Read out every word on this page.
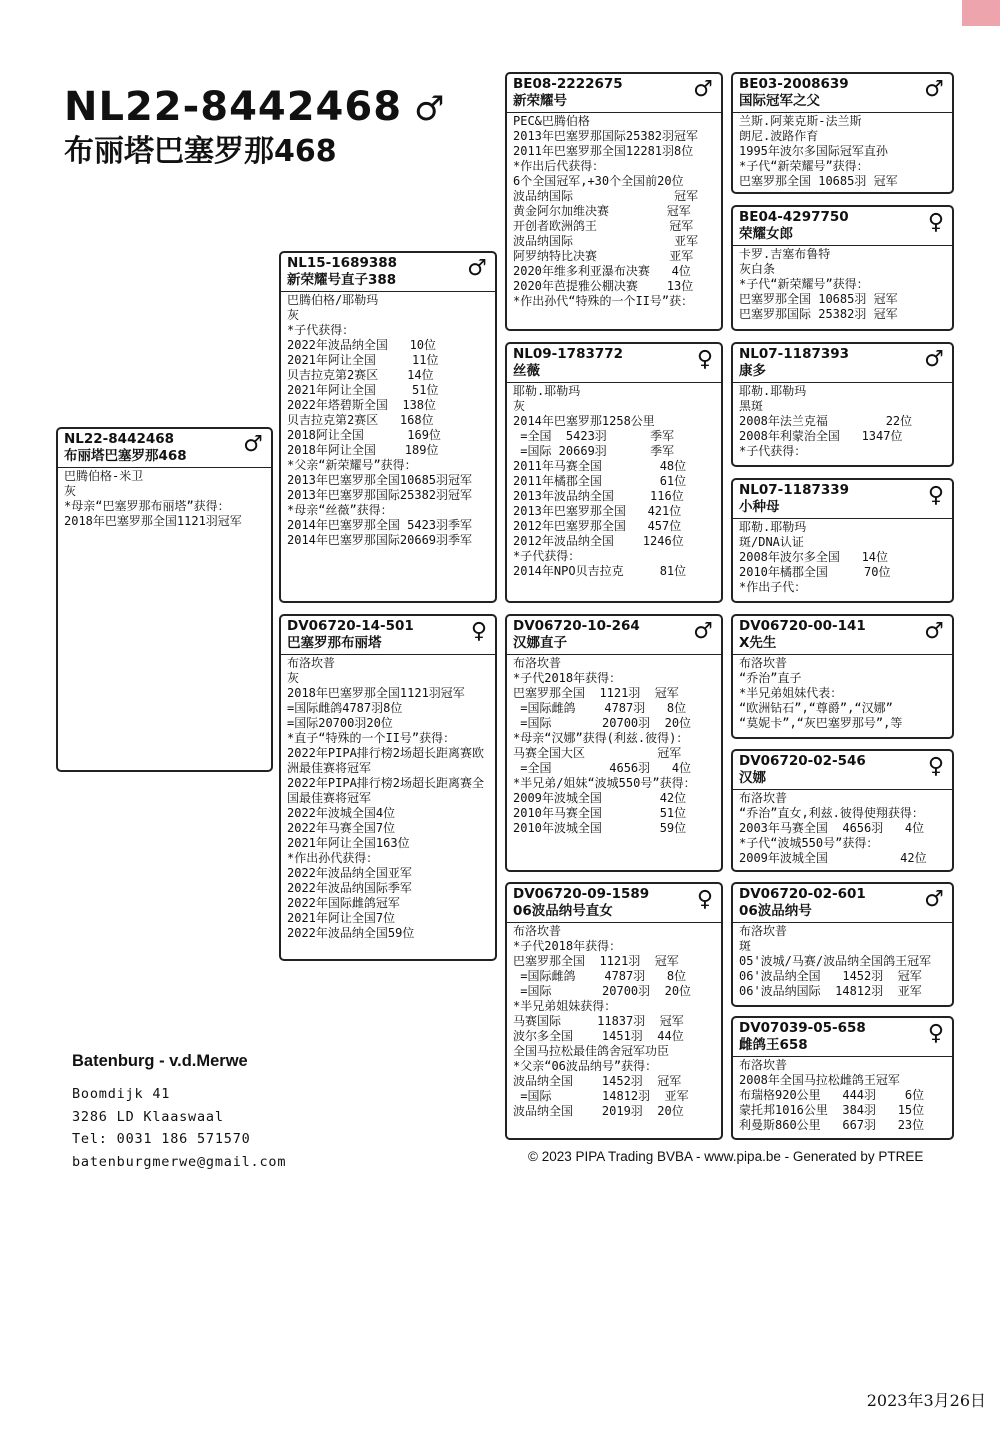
NL22-8442468 ♂
布丽塔巴塞罗那468
NL22-8442468
布丽塔巴塞罗那468	♂
巴腾伯格-米卫
灰
*母亲“巴塞罗那布丽塔”获得：
2018年巴塞罗那全国1121羽冠军
NL15-1689388
新荣耀号直子388	♂
巴腾伯格/耶勒玛
灰
*子代获得：
2022年波品纳全国   10位
2021年阿让全国     11位
贝吉拉克第2赛区    14位
2021年阿让全国     51位
2022年塔碧斯全国  138位
贝吉拉克第2赛区   168位
2018阿让全国      169位
2018年阿让全国    189位
*父亲“新荣耀号”获得：
2013年巴塞罗那全国10685羽冠军
2013年巴塞罗那国际25382羽冠军
*母亲“丝薇”获得：
2014年巴塞罗那全国 5423羽季军
2014年巴塞罗那国际20669羽季军
DV06720-14-501
巴塞罗那布丽塔	♀
布洛坎普
灰
2018年巴塞罗那全国1121羽冠军
=国际雌鸽4787羽8位
=国际20700羽20位
*直子“特殊的一个II号”获得：
2022年PIPA排行榜2场超长距离赛欧
洲最佳赛将冠军
2022年PIPA排行榜2场超长距离赛全
国最佳赛将冠军
2022年波城全国4位
2022年马赛全国7位
2021年阿让全国163位
*作出孙代获得：
2022年波品纳全国亚军
2022年波品纳国际季军
2022年国际雌鸽冠军
2021年阿让全国7位
2022年波品纳全国59位
BE08-2222675
新荣耀号	♂
PEC&巴腾伯格
2013年巴塞罗那国际25382羽冠军
2011年巴塞罗那全国12281羽8位
*作出后代获得：
6个全国冠军,+30个全国前20位
波品纳国际              冠军
黄金阿尔加维决赛        冠军
开创者欧洲鸽王          冠军
波品纳国际              亚军
阿罗纳特比决赛          亚军
2020年维多利亚瀑布决赛   4位
2020年芭提雅公棚决赛    13位
*作出孙代“特殊的一个II号”获：
NL09-1783772
丝薇	♀
耶勒.耶勒玛
灰
2014年巴塞罗那1258公里
=全国  5423羽      季军
=国际 20669羽      季军
2011年马赛全国        48位
2011年橘郡全国        61位
2013年波品纳全国     116位
2013年巴塞罗那全国   421位
2012年巴塞罗那全国   457位
2012年波品纳全国    1246位
*子代获得：
2014年NPO贝吉拉克     81位
DV06720-10-264
汉娜直子	♂
布洛坎普
*子代2018年获得：
巴塞罗那全国  1121羽  冠军
=国际雌鸽    4787羽   8位
=国际       20700羽  20位
*母亲“汉娜”获得(利兹.彼得)：
马赛全国大区          冠军
=全国        4656羽   4位
*半兄弟/姐妹“波城550号”获得：
2009年波城全国        42位
2010年马赛全国        51位
2010年波城全国        59位
DV06720-09-1589
06波品纳号直女	♀
布洛坎普
*子代2018年获得：
巴塞罗那全国  1121羽  冠军
=国际雌鸽    4787羽   8位
=国际       20700羽  20位
*半兄弟姐妹获得：
马赛国际     11837羽  冠军
波尔多全国    1451羽  44位
全国马拉松最佳鸽舍冠军功臣
*父亲“06波品纳号”获得：
波品纳全国    1452羽  冠军
=国际       14812羽  亚军
波品纳全国    2019羽  20位
BE03-2008639
国际冠军之父	♂
兰斯.阿莱克斯-法兰斯
朗尼.波路作育
1995年波尔多国际冠军直孙
*子代“新荣耀号”获得：
巴塞罗那全国 10685羽 冠军
BE04-4297750
荣耀女郎	♀
卡罗.吉塞布鲁特
灰白条
*子代“新荣耀号”获得：
巴塞罗那全国 10685羽 冠军
巴塞罗那国际 25382羽 冠军
NL07-1187393
康多	♂
耶勒.耶勒玛
黑斑
2008年法兰克福        22位
2008年利蒙治全国   1347位
*子代获得：
NL07-1187339
小种母	♀
耶勒.耶勒玛
斑/DNA认证
2008年波尔多全国   14位
2010年橘郡全国     70位
*作出子代：
DV06720-00-141
X先生	♂
布洛坎普
“乔治”直子
*半兄弟姐妹代表：
“欧洲钻石”,“尊爵”,“汉娜”
“莫妮卡”,“灰巴塞罗那号”,等
DV06720-02-546
汉娜	♀
布洛坎普
“乔治”直女,利兹.彼得使翔获得：
2003年马赛全国  4656羽   4位
*子代“波城550号”获得：
2009年波城全国          42位
DV06720-02-601
06波品纳号	♂
布洛坎普
斑
05'波城/马赛/波品纳全国鸽王冠军
06'波品纳全国   1452羽  冠军
06'波品纳国际  14812羽  亚军
DV07039-05-658
雌鸽王658	♀
布洛坎普
2008年全国马拉松雌鸽王冠军
布瑞格920公里   444羽    6位
蒙托邦1016公里  384羽   15位
利曼斯860公里   667羽   23位
Batenburg - v.d.Merwe
Boomdijk 41
3286 LD Klaaswaal
Tel: 0031 186 571570
batenburgmerwe@gmail.com	© 2023 PIPA Trading BVBA - www.pipa.be - Generated by PTREE
2023年3月26日
